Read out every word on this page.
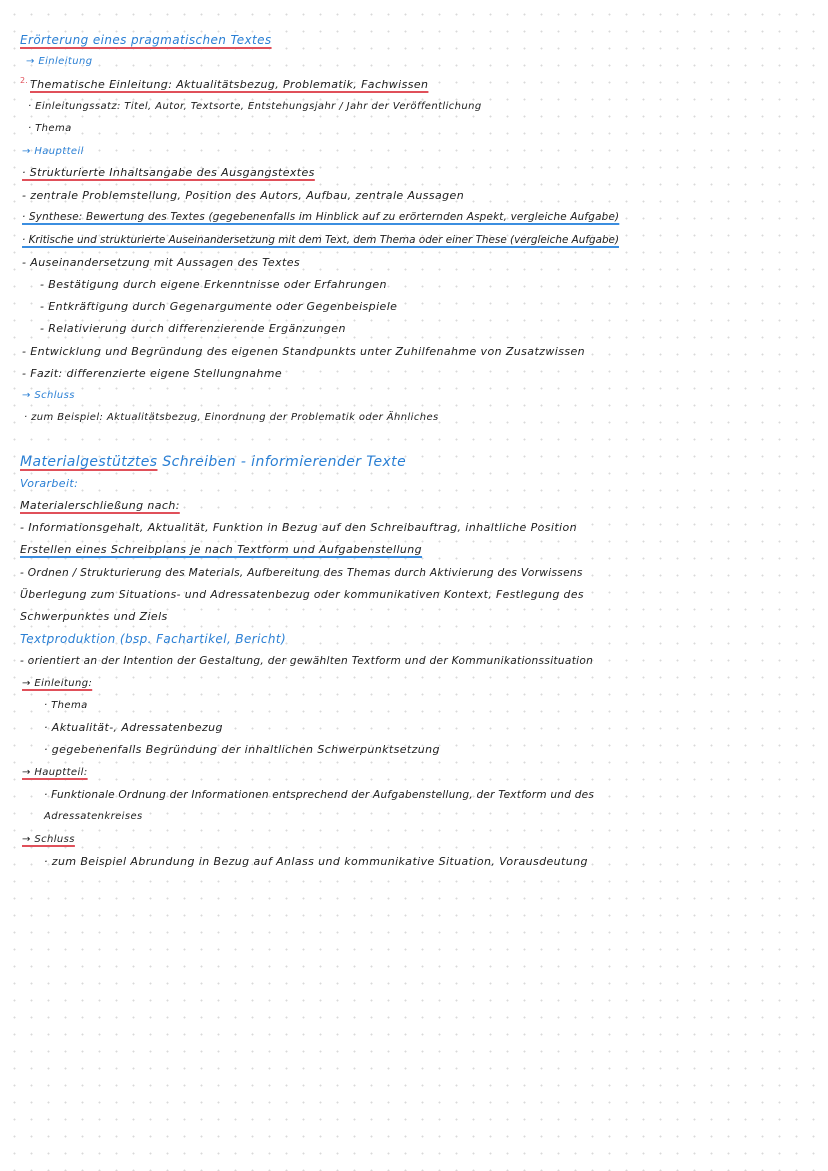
Erörterung eines pragmatischen Textes
→ Einleitung
2. Thematische Einleitung: Aktualitätsbezug, Problematik, Fachwissen
· Einleitungssatz: Titel, Autor, Textsorte, Entstehungsjahr / Jahr der Veröffentlichung
· Thema
→ Hauptteil
· Strukturierte Inhaltsangabe des Ausgangstextes
- zentrale Problemstellung, Position des Autors, Aufbau, zentrale Aussagen
· Synthese: Bewertung des Textes (gegebenenfalls im Hinblick auf zu erörternden Aspekt, vergleiche Aufgabe)
· Kritische und strukturierte Auseinandersetzung mit dem Text, dem Thema oder einer These (vergleiche Aufgabe)
- Auseinandersetzung mit Aussagen des Textes
- Bestätigung durch eigene Erkenntnisse oder Erfahrungen
- Entkräftigung durch Gegenargumente oder Gegenbeispiele
- Relativierung durch differenzierende Ergänzungen
- Entwicklung und Begründung des eigenen Standpunkts unter Zuhilfenahme von Zusatzwissen
- Fazit: differenzierte eigene Stellungnahme
→ Schluss
· zum Beispiel: Aktualitätsbezug, Einordnung der Problematik oder Ähnliches
Materialgestütztes Schreiben - informierender Texte
Vorarbeit:
Materialerschließung nach:
- Informationsgehalt, Aktualität, Funktion in Bezug auf den Schreibauftrag, inhaltliche Position
Erstellen eines Schreibplans je nach Textform und Aufgabenstellung
- Ordnen / Strukturierung des Materials, Aufbereitung des Themas durch Aktivierung des Vorwissens
Überlegung zum Situations- und Adressatenbezug oder kommunikativen Kontext, Festlegung des
Schwerpunktes und Ziels
Textproduktion (bsp. Fachartikel, Bericht)
- orientiert an der Intention der Gestaltung, der gewählten Textform und der Kommunikationssituation
→ Einleitung:
· Thema
· Aktualität-, Adressatenbezug
· gegebenenfalls Begründung der inhaltlichen Schwerpunktsetzung
→ Hauptteil:
· Funktionale Ordnung der Informationen entsprechend der Aufgabenstellung, der Textform und des
Adressatenkreises
→ Schluss
· zum Beispiel Abrundung in Bezug auf Anlass und kommunikative Situation, Vorausdeutung
